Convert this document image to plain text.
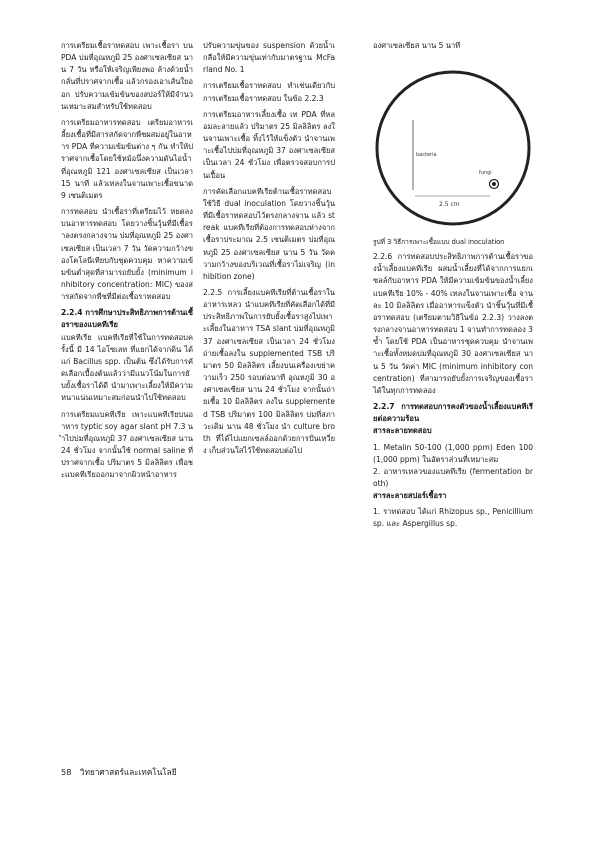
การเตรียมเชื้อราทดสอบ เพาะเชื้อรา บน PDA บ่มที่อุณหภูมิ 25 องศาเซลเซียส นาน 7 วัน หรือให้เจริญเพียงพอ ล้างด้วยน้ำกลั่นที่ปราศจากเชื้อ แล้วกรองเอาเส้นใยออก ปรับความเข้มข้นของสปอร์ให้มีจำนวนเหมาะสมสำหรับใช้ทดสอบ

การเตรียมอาหารทดสอบ เตรียมอาหารเลี้ยงเชื้อที่มีสารสกัดจากพืชผสมอยู่ในอาหาร PDA ที่ความเข้มข้นต่าง ๆ กัน ทำให้ปราศจากเชื้อโดยใช้หม้อนึ่งความดันไอน้ำ ที่อุณหภูมิ 121 องศาเซลเซียส เป็นเวลา 15 นาที แล้วเทลงในจานเพาะเชื้อขนาด 9 เซนติเมตร

การทดสอบ นำเชื้อราที่เตรียมไว้ หยดลงบนอาหารทดสอบ โดยวางชิ้นวุ้นที่มีเชื้อราลงตรงกลางจาน บ่มที่อุณหภูมิ 25 องศาเซลเซียส เป็นเวลา 7 วัน วัดความกว้างของโคโลนีเทียบกับชุดควบคุม หาความเข้มข้นต่ำสุดที่สามารถยับยั้ง (minimum inhibitory concentration: MIC) ของสารสกัดจากพืชที่มีต่อเชื้อราทดสอบ

2.2.4 การศึกษาประสิทธิภาพการต้านเชื้อราของแบคทีเรีย

แบคทีเรีย แบคทีเรียที่ใช้ในการทดสอบครั้งนี้ มี 14 ไอโซเลท ที่แยกได้จากดิน ได้แก่ Bacillus spp. เป็นต้น ซึ่งได้รับการคัดเลือกเบื้องต้นแล้วว่ามีแนวโน้มในการยับยั้งเชื้อราได้ดี นำมาเพาะเลี้ยงให้มีความหนาแน่นเหมาะสมก่อนนำไปใช้ทดสอบ

การเตรียมแบคทีเรีย เพาะแบคทีเรียบนอาหาร typtic soy agar slant pH 7.3 นำไปบ่มที่อุณหภูมิ 37 องศาเซลเซียส นาน 24 ชั่วโมง จากนั้นใช้ normal saline ที่ปราศจากเชื้อ ปริมาตร 5 มิลลิลิตร เพื่อชะแบคทีเรียออกมาจากผิวหน้าอาหาร

ปรับความขุ่นของ suspension ด้วยน้ำเกลือให้มีความขุ่นเท่ากับมาตรฐาน McFarland No. 1

การเตรียมเชื้อราทดสอบ ทำเช่นเดียวกับการเตรียมเชื้อราทดสอบ ในข้อ 2.2.3

การเตรียมอาหารเลี้ยงเชื้อ เท PDA ที่หลอมละลายแล้ว ปริมาตร 25 มิลลิลิตร ลงในจานเพาะเชื้อ ทิ้งไว้ให้แข็งตัว นำจานเพาะเชื้อไปบ่มที่อุณหภูมิ 37 องศาเซลเซียส เป็นเวลา 24 ชั่วโมง เพื่อตรวจสอบการปนเปื้อน

การคัดเลือกแบคทีเรียต้านเชื้อราทดสอบ ใช้วิธี dual inoculation โดยวางชิ้นวุ้นที่มีเชื้อราทดสอบไว้ตรงกลางจาน แล้ว streak แบคทีเรียที่ต้องการทดสอบห่างจากเชื้อราประมาณ 2.5 เซนติเมตร บ่มที่อุณหภูมิ 25 องศาเซลเซียส นาน 5 วัน วัดความกว้างของบริเวณที่เชื้อราไม่เจริญ (inhibition zone)

2.2.5 การเลี้ยงแบคทีเรียที่ต้านเชื้อราในอาหารเหลว นำแบคทีเรียที่คัดเลือกได้ที่มีประสิทธิภาพในการยับยั้งเชื้อราสูงไปเพาะเลี้ยงในอาหาร TSA slant บ่มที่อุณหภูมิ 37 องศาเซลเซียส เป็นเวลา 24 ชั่วโมง ถ่ายเชื้อลงใน supplemented TSB ปริมาตร 50 มิลลิลิตร เลี้ยงบนเครื่องเขย่าความเร็ว 250 รอบต่อนาที อุณหภูมิ 30 องศาเซลเซียส นาน 24 ชั่วโมง จากนั้นถ่ายเชื้อ 10 มิลลิลิตร ลงใน supplemented TSB ปริมาตร 100 มิลลิลิตร บ่มที่สภาวะเดิม นาน 48 ชั่วโมง นำ culture broth ที่ได้ไปแยกเซลล์ออกด้วยการปั่นเหวี่ยง เก็บส่วนใสไว้ใช้ทดสอบต่อไป

องศาเซลเซียส นาน 5 นาที

bacteria
fungi
2.5 cm

รูปที่ 3 วิธีการเพาะเชื้อแบบ dual inoculation

2.2.6 การทดสอบประสิทธิภาพการต้านเชื้อราของน้ำเลี้ยงแบคทีเรีย ผสมน้ำเลี้ยงที่ได้จากการแยกเซลล์กับอาหาร PDA ให้มีความเข้มข้นของน้ำเลี้ยงแบคทีเรีย 10% - 40% เทลงในจานเพาะเชื้อ จานละ 10 มิลลิลิตร เมื่ออาหารแข็งตัว นำชิ้นวุ้นที่มีเชื้อราทดสอบ (เตรียมตามวิธีในข้อ 2.2.3) วางลงตรงกลางจานอาหารทดสอบ 1 จานทำการทดลอง 3 ซ้ำ โดยใช้ PDA เป็นอาหารชุดควบคุม นำจานเพาะเชื้อทั้งหมดบ่มที่อุณหภูมิ 30 องศาเซลเซียส นาน 5 วัน วัดค่า MIC (minimum inhibitory concentration) ที่สามารถยับยั้งการเจริญของเชื้อราได้ในทุกการทดลอง

2.2.7 การทดสอบการคงตัวของน้ำเลี้ยงแบคทีเรียต่อความร้อน

สารละลายทดสอบ

1. Metalin 50-100 (1,000 ppm) Eden 100 (1,000 ppm) ในอัตราส่วนที่เหมาะสม

2. อาหารเหลวของแบคทีเรีย (fermentation broth)

สารละลายสปอร์เชื้อรา

1. ราทดสอบ ได้แก่ Rhizopus sp., Penicillium sp. และ Aspergillus sp.

58 วิทยาศาสตร์และเทคโนโลยี
